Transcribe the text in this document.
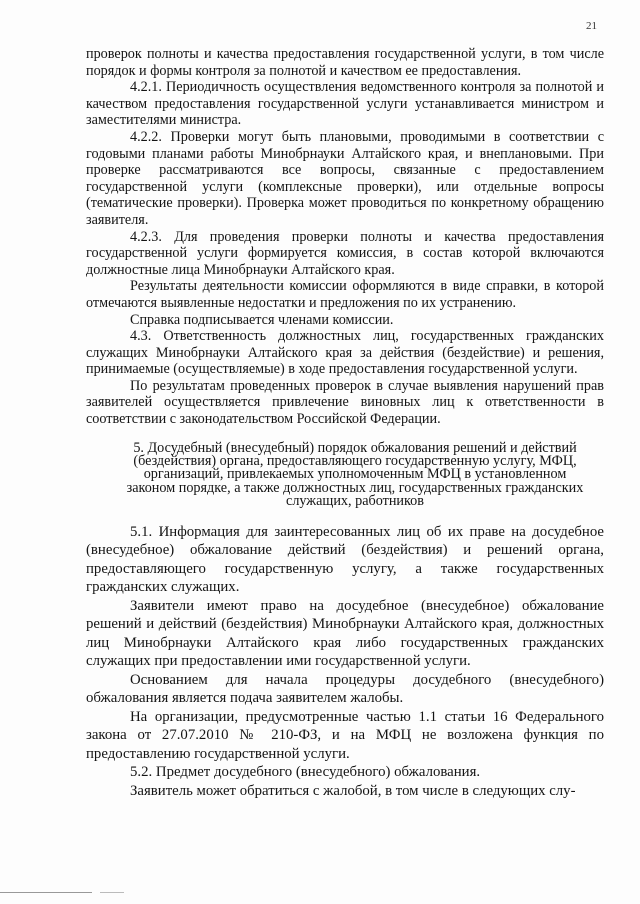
21

проверок полноты и качества предоставления государственной услуги, в том числе порядок и формы контроля за полнотой и качеством ее предоставления.

4.2.1. Периодичность осуществления ведомственного контроля за полнотой и качеством предоставления государственной услуги устанавливается министром и заместителями министра.

4.2.2. Проверки могут быть плановыми, проводимыми в соответствии с годовыми планами работы Минобрнауки Алтайского края, и внеплановыми. При проверке рассматриваются все вопросы, связанные с предоставлением государственной услуги (комплексные проверки), или отдельные вопросы (тематические проверки). Проверка может проводиться по конкретному обращению заявителя.

4.2.3. Для проведения проверки полноты и качества предоставления государственной услуги формируется комиссия, в состав которой включаются должностные лица Минобрнауки Алтайского края.

Результаты деятельности комиссии оформляются в виде справки, в которой отмечаются выявленные недостатки и предложения по их устранению.

Справка подписывается членами комиссии.

4.3. Ответственность должностных лиц, государственных гражданских служащих Минобрнауки Алтайского края за действия (бездействие) и решения, принимаемые (осуществляемые) в ходе предоставления государственной услуги.

По результатам проведенных проверок в случае выявления нарушений прав заявителей осуществляется привлечение виновных лиц к ответственности в соответствии с законодательством Российской Федерации.

5. Досудебный (внесудебный) порядок обжалования решений и действий (бездействия) органа, предоставляющего государственную услугу, МФЦ, организаций, привлекаемых уполномоченным МФЦ в установленном законом порядке, а также должностных лиц, государственных гражданских служащих, работников

5.1. Информация для заинтересованных лиц об их праве на досудебное (внесудебное) обжалование действий (бездействия) и решений органа, предоставляющего государственную услугу, а также государственных гражданских служащих.

Заявители имеют право на досудебное (внесудебное) обжалование решений и действий (бездействия) Минобрнауки Алтайского края, должностных лиц Минобрнауки Алтайского края либо государственных гражданских служащих при предоставлении ими государственной услуги.

Основанием для начала процедуры досудебного (внесудебного) обжалования является подача заявителем жалобы.

На организации, предусмотренные частью 1.1 статьи 16 Федерального закона от 27.07.2010 № 210-ФЗ, и на МФЦ не возложена функция по предоставлению государственной услуги.

5.2. Предмет досудебного (внесудебного) обжалования.

Заявитель может обратиться с жалобой, в том числе в следующих слу-
